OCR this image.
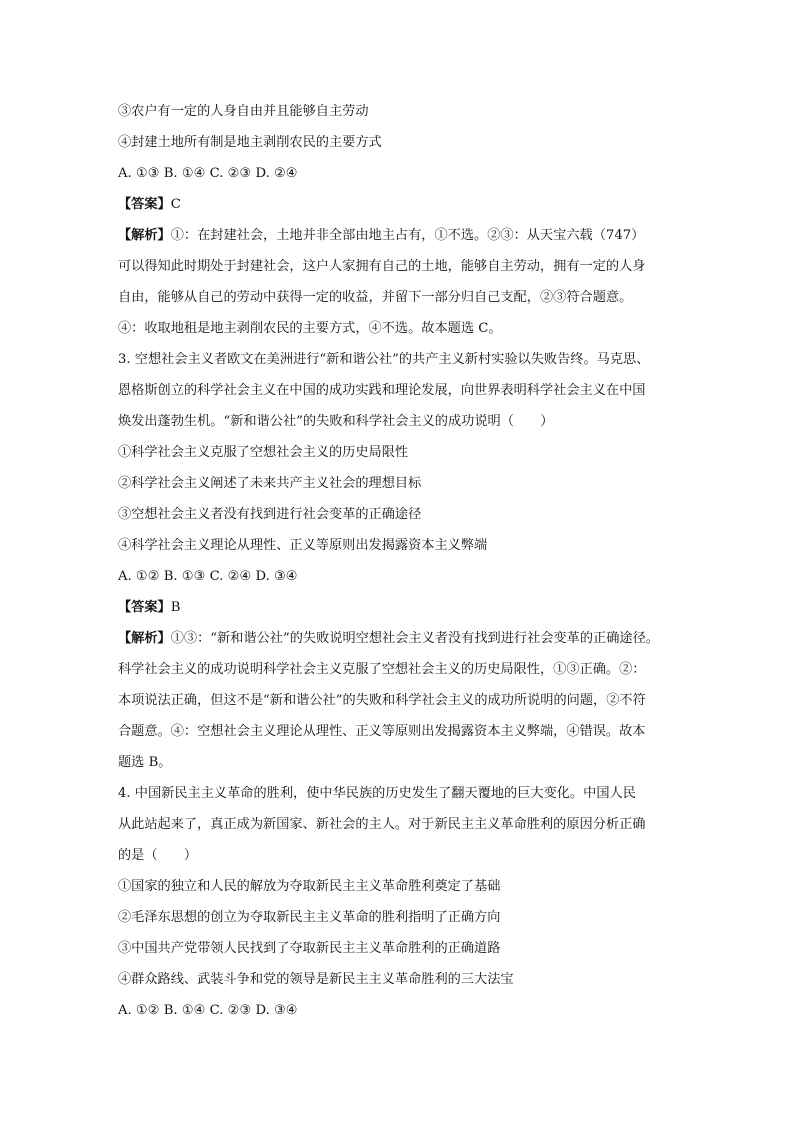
③农户有一定的人身自由并且能够自主劳动
④封建土地所有制是地主剥削农民的主要方式
A. ①③ B. ①④ C. ②③ D. ②④
【答案】C
【解析】①：在封建社会，土地并非全部由地主占有，①不选。②③：从天宝六载（747）
可以得知此时期处于封建社会，这户人家拥有自己的土地，能够自主劳动，拥有一定的人身
自由，能够从自己的劳动中获得一定的收益，并留下一部分归自己支配，②③符合题意。
④：收取地租是地主剥削农民的主要方式，④不选。故本题选 C。
3. 空想社会主义者欧文在美洲进行“新和谐公社”的共产主义新村实验以失败告终。马克思、
恩格斯创立的科学社会主义在中国的成功实践和理论发展，向世界表明科学社会主义在中国
焕发出蓬勃生机。“新和谐公社”的失败和科学社会主义的成功说明（　　）
①科学社会主义克服了空想社会主义的历史局限性
②科学社会主义阐述了未来共产主义社会的理想目标
③空想社会主义者没有找到进行社会变革的正确途径
④科学社会主义理论从理性、正义等原则出发揭露资本主义弊端
A. ①② B. ①③ C. ②④ D. ③④
【答案】B
【解析】①③：“新和谐公社”的失败说明空想社会主义者没有找到进行社会变革的正确途径。
科学社会主义的成功说明科学社会主义克服了空想社会主义的历史局限性，①③正确。②：
本项说法正确，但这不是“新和谐公社”的失败和科学社会主义的成功所说明的问题，②不符
合题意。④：空想社会主义理论从理性、正义等原则出发揭露资本主义弊端，④错误。故本
题选 B。
4. 中国新民主主义革命的胜利，使中华民族的历史发生了翻天覆地的巨大变化。中国人民
从此站起来了，真正成为新国家、新社会的主人。对于新民主主义革命胜利的原因分析正确
的是（　　）
①国家的独立和人民的解放为夺取新民主主义革命胜利奠定了基础
②毛泽东思想的创立为夺取新民主主义革命的胜利指明了正确方向
③中国共产党带领人民找到了夺取新民主主义革命胜利的正确道路
④群众路线、武装斗争和党的领导是新民主主义革命胜利的三大法宝
A. ①② B. ①④ C. ②③ D. ③④
